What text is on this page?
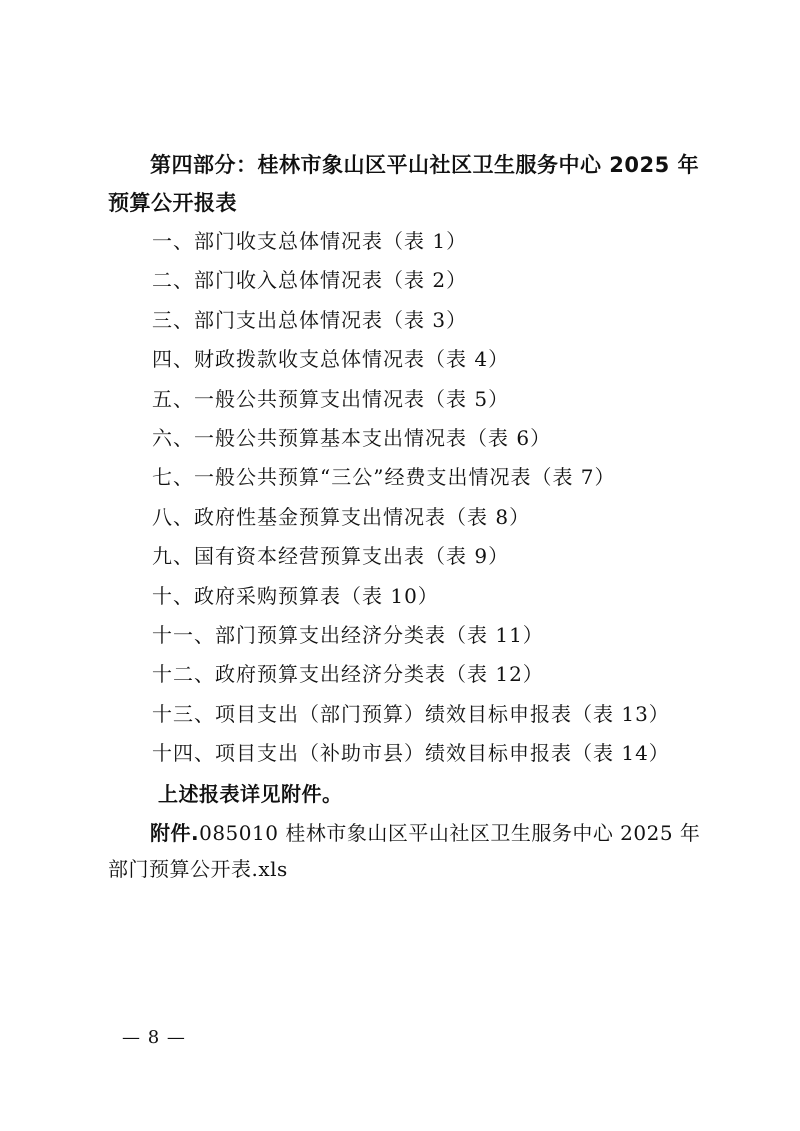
第四部分：桂林市象山区平山社区卫生服务中心 2025 年预算公开报表

一、部门收支总体情况表（表 1）
二、部门收入总体情况表（表 2）
三、部门支出总体情况表（表 3）
四、财政拨款收支总体情况表（表 4）
五、一般公共预算支出情况表（表 5）
六、一般公共预算基本支出情况表（表 6）
七、一般公共预算“三公”经费支出情况表（表 7）
八、政府性基金预算支出情况表（表 8）
九、国有资本经营预算支出表（表 9）
十、政府采购预算表（表 10）
十一、部门预算支出经济分类表（表 11）
十二、政府预算支出经济分类表（表 12）
十三、项目支出（部门预算）绩效目标申报表（表 13）
十四、项目支出（补助市县）绩效目标申报表（表 14）

上述报表详见附件。

附件.085010 桂林市象山区平山社区卫生服务中心 2025 年部门预算公开表.xls

— 8 —
